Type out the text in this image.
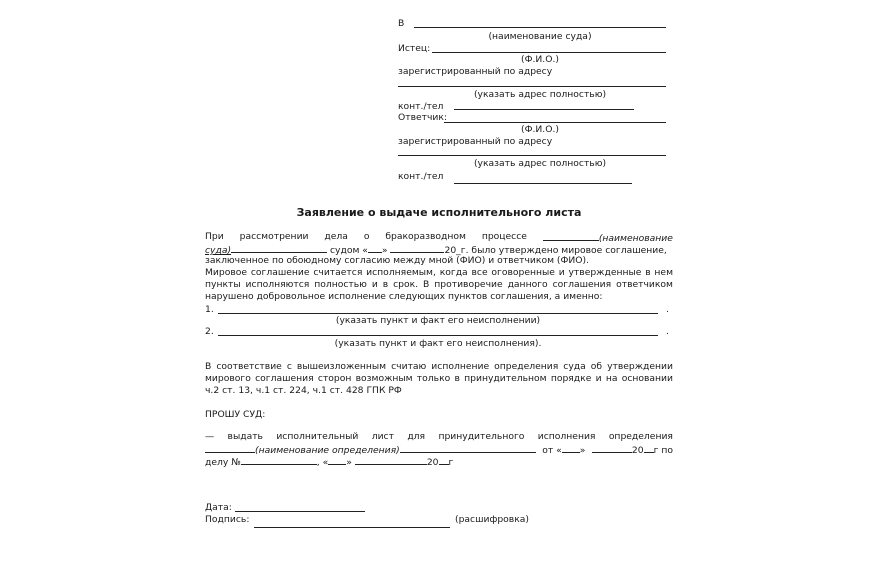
В
(наименование суда)
Истец:
(Ф.И.О.)
зарегистрированный по адресу
(указать адрес полностью)
конт./тел
Ответчик:
(Ф.И.О.)
зарегистрированный по адресу
(указать адрес полностью)
конт./тел
Заявление о выдаче исполнительного листа
При рассмотрении дела о бракоразводном процессе	(наименование
суда)	судом « »	20_г. было утверждено мировое соглашение,
заключенное по обоюдному согласию между мной (ФИО) и ответчиком (ФИО).
Мировое соглашение считается исполняемым, когда все оговоренные и утвержденные в нем пункты исполняются полностью и в срок. В противоречие данного соглашения ответчиком нарушено добровольное исполнение следующих пунктов соглашения, а именно:
1.	.
(указать пункт и факт его неисполнении)
2.	.
(указать пункт и факт его неисполнения).
В соответствие с вышеизложенным считаю исполнение определения суда об утверждении мирового соглашения сторон возможным только в принудительном порядке и на основании ч.2 ст. 13, ч.1 ст. 224, ч.1 ст. 428 ГПК РФ
ПРОШУ СУД:
— выдать исполнительный лист для принудительного исполнения определения
(наименование определения)	от « »	20 г по
делу №	, « »	20 г
Дата:
Подпись:	(расшифровка)
